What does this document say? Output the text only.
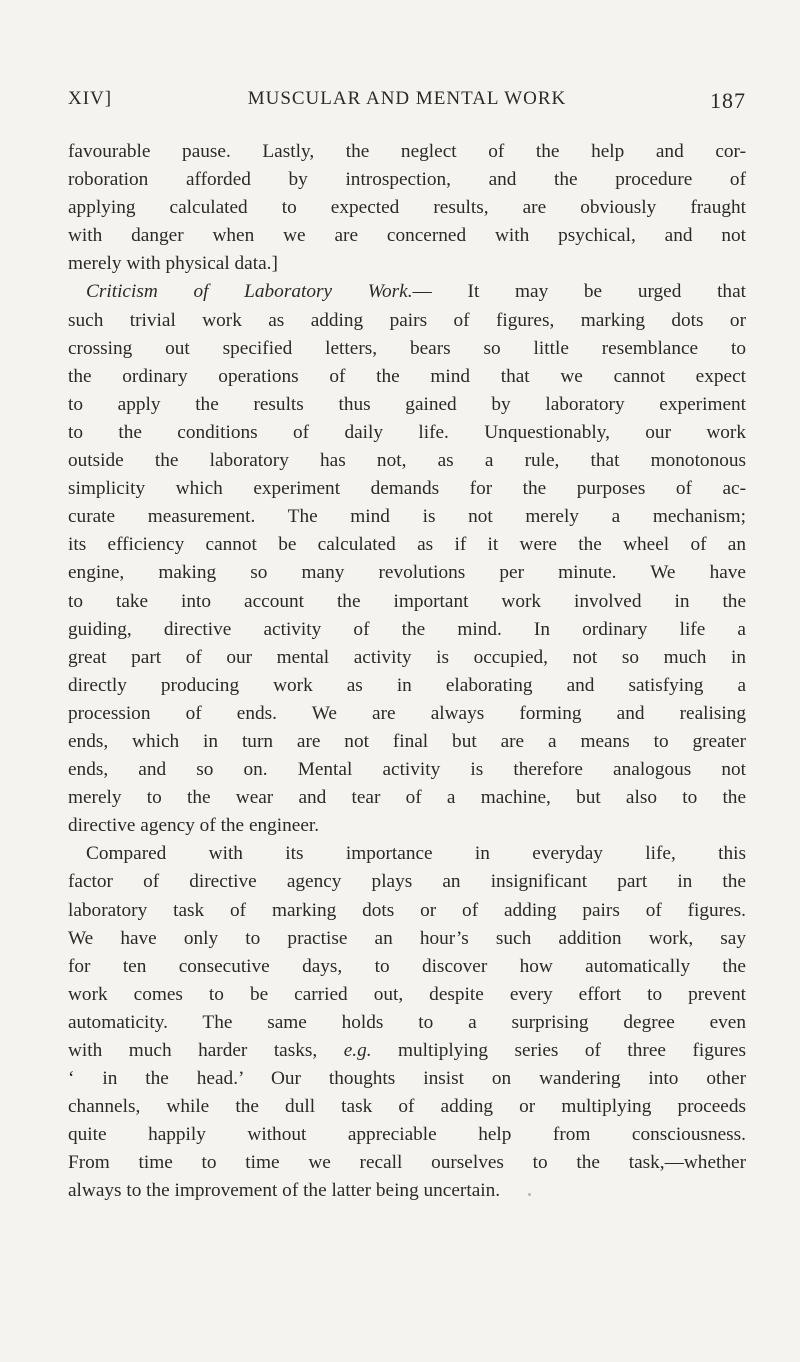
XIV]	MUSCULAR AND MENTAL WORK	187
favourable pause. Lastly, the neglect of the help and cor-
roboration afforded by introspection, and the procedure of
applying calculated to expected results, are obviously fraught
with danger when we are concerned with psychical, and not
merely with physical data.]
Criticism of Laboratory Work.— It may be urged that
such trivial work as adding pairs of figures, marking dots or
crossing out specified letters, bears so little resemblance to
the ordinary operations of the mind that we cannot expect
to apply the results thus gained by laboratory experiment
to the conditions of daily life. Unquestionably, our work
outside the laboratory has not, as a rule, that monotonous
simplicity which experiment demands for the purposes of ac-
curate measurement. The mind is not merely a mechanism;
its efficiency cannot be calculated as if it were the wheel of an
engine, making so many revolutions per minute. We have
to take into account the important work involved in the
guiding, directive activity of the mind. In ordinary life a
great part of our mental activity is occupied, not so much in
directly producing work as in elaborating and satisfying a
procession of ends. We are always forming and realising
ends, which in turn are not final but are a means to greater
ends, and so on. Mental activity is therefore analogous not
merely to the wear and tear of a machine, but also to the
directive agency of the engineer.
Compared with its importance in everyday life, this
factor of directive agency plays an insignificant part in the
laboratory task of marking dots or of adding pairs of figures.
We have only to practise an hour’s such addition work, say
for ten consecutive days, to discover how automatically the
work comes to be carried out, despite every effort to prevent
automaticity. The same holds to a surprising degree even
with much harder tasks, e.g. multiplying series of three figures
‘ in the head.’ Our thoughts insist on wandering into other
channels, while the dull task of adding or multiplying proceeds
quite happily without appreciable help from consciousness.
From time to time we recall ourselves to the task,—whether
always to the improvement of the latter being uncertain.
